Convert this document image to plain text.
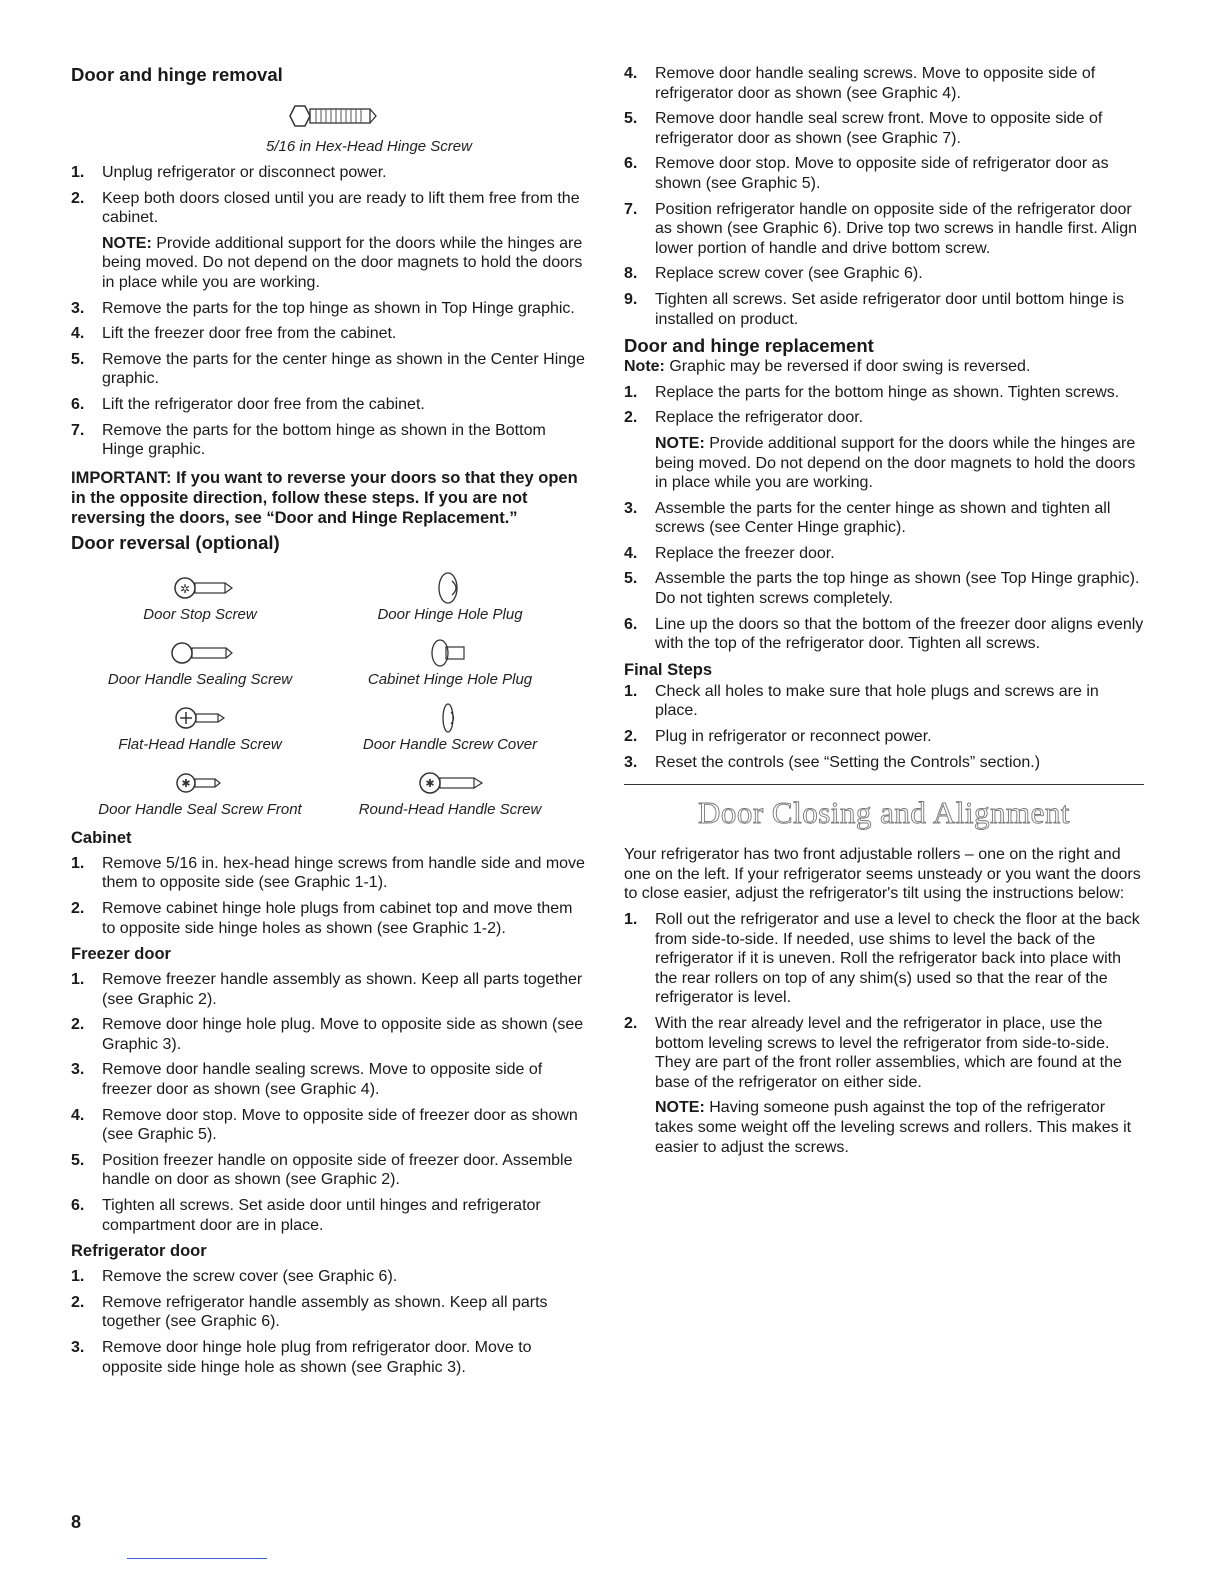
Door and hinge removal
5/16 in Hex-Head Hinge Screw
1.	Unplug refrigerator or disconnect power.
2.	Keep both doors closed until you are ready to lift them free from the cabinet.
NOTE: Provide additional support for the doors while the hinges are being moved. Do not depend on the door magnets to hold the doors in place while you are working.
3.	Remove the parts for the top hinge as shown in Top Hinge graphic.
4.	Lift the freezer door free from the cabinet.
5.	Remove the parts for the center hinge as shown in the Center Hinge graphic.
6.	Lift the refrigerator door free from the cabinet.
7.	Remove the parts for the bottom hinge as shown in the Bottom Hinge graphic.
IMPORTANT: If you want to reverse your doors so that they open in the opposite direction, follow these steps. If you are not reversing the doors, see “Door and Hinge Replacement.”
Door reversal (optional)
✲
Door Stop Screw	Door Hinge Hole Plug
Door Handle Sealing Screw	Cabinet Hinge Hole Plug
Flat-Head Handle Screw	Door Handle Screw Cover
✱
Door Handle Seal Screw Front
✱
Round-Head Handle Screw
Cabinet
1.	Remove 5/16 in. hex-head hinge screws from handle side and move them to opposite side (see Graphic 1-1).
2.	Remove cabinet hinge hole plugs from cabinet top and move them to opposite side hinge holes as shown (see Graphic 1-2).
Freezer door
1.	Remove freezer handle assembly as shown. Keep all parts together (see Graphic 2).
2.	Remove door hinge hole plug. Move to opposite side as shown (see Graphic 3).
3.	Remove door handle sealing screws. Move to opposite side of freezer door as shown (see Graphic 4).
4.	Remove door stop. Move to opposite side of freezer door as shown (see Graphic 5).
5.	Position freezer handle on opposite side of freezer door. Assemble handle on door as shown (see Graphic 2).
6.	Tighten all screws. Set aside door until hinges and refrigerator compartment door are in place.
Refrigerator door
1.	Remove the screw cover (see Graphic 6).
2.	Remove refrigerator handle assembly as shown. Keep all parts together (see Graphic 6).
3.	Remove door hinge hole plug from refrigerator door. Move to opposite side hinge hole as shown (see Graphic 3).
4.	Remove door handle sealing screws. Move to opposite side of refrigerator door as shown (see Graphic 4).
5.	Remove door handle seal screw front. Move to opposite side of refrigerator door as shown (see Graphic 7).
6.	Remove door stop. Move to opposite side of refrigerator door as shown (see Graphic 5).
7.	Position refrigerator handle on opposite side of the refrigerator door as shown (see Graphic 6). Drive top two screws in handle first. Align lower portion of handle and drive bottom screw.
8.	Replace screw cover (see Graphic 6).
9.	Tighten all screws. Set aside refrigerator door until bottom hinge is installed on product.
Door and hinge replacement

Note: Graphic may be reversed if door swing is reversed.

1.	Replace the parts for the bottom hinge as shown. Tighten screws.
2.	Replace the refrigerator door.
NOTE: Provide additional support for the doors while the hinges are being moved. Do not depend on the door magnets to hold the doors in place while you are working.
3.	Assemble the parts for the center hinge as shown and tighten all screws (see Center Hinge graphic).
4.	Replace the freezer door.
5.	Assemble the parts the top hinge as shown (see Top Hinge graphic). Do not tighten screws completely.
6.	Line up the doors so that the bottom of the freezer door aligns evenly with the top of the refrigerator door. Tighten all screws.
Final Steps
1.	Check all holes to make sure that hole plugs and screws are in place.
2.	Plug in refrigerator or reconnect power.
3.	Reset the controls (see “Setting the Controls” section.)
Door Closing and Alignment

Your refrigerator has two front adjustable rollers – one on the right and one on the left. If your refrigerator seems unsteady or you want the doors to close easier, adjust the refrigerator's tilt using the instructions below:

1.	Roll out the refrigerator and use a level to check the floor at the back from side-to-side. If needed, use shims to level the back of the refrigerator if it is uneven. Roll the refrigerator back into place with the rear rollers on top of any shim(s) used so that the rear of the refrigerator is level.
2.	With the rear already level and the refrigerator in place, use the bottom leveling screws to level the refrigerator from side-to-side. They are part of the front roller assemblies, which are found at the base of the refrigerator on either side.
NOTE: Having someone push against the top of the refrigerator takes some weight off the leveling screws and rollers. This makes it easier to adjust the screws.
8
